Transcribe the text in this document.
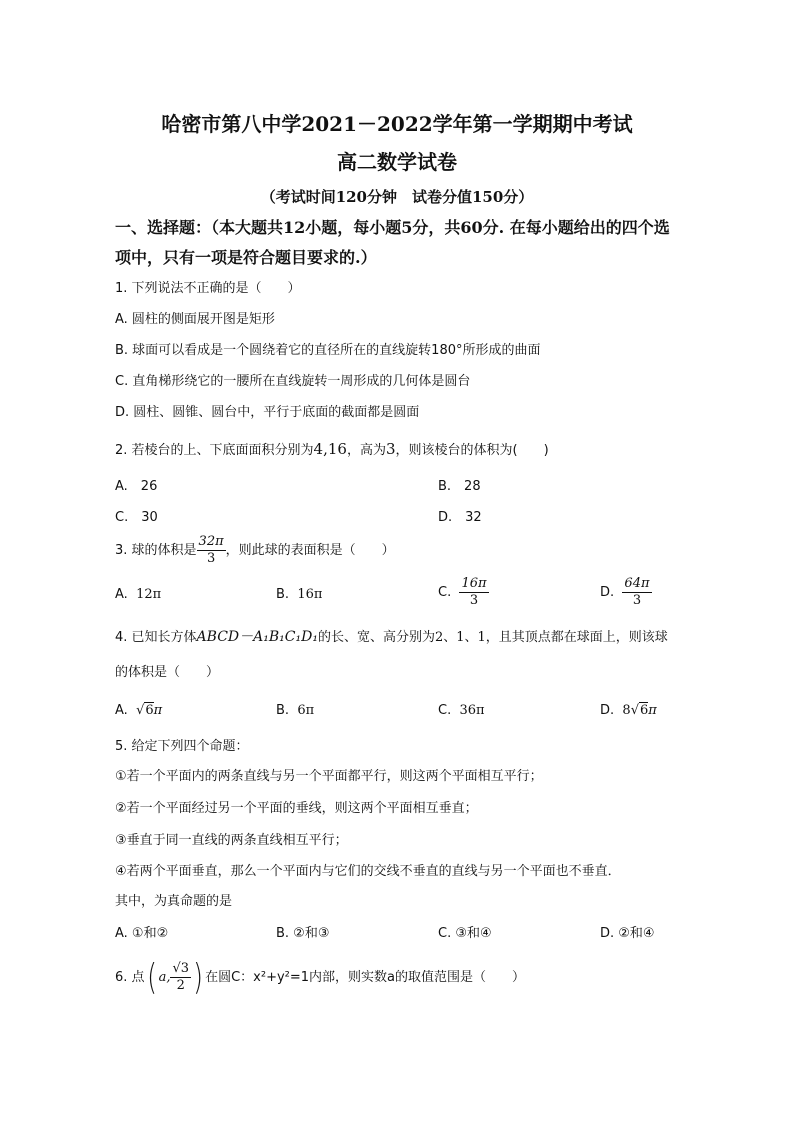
哈密市第八中学2021－2022学年第一学期期中考试
高二数学试卷
（考试时间120分钟　试卷分值150分）
一、选择题：（本大题共12小题，每小题5分，共60分. 在每小题给出的四个选
项中，只有一项是符合题目要求的.）
1. 下列说法不正确的是（　　）
A. 圆柱的侧面展开图是矩形
B. 球面可以看成是一个圆绕着它的直径所在的直线旋转180°所形成的曲面
C. 直角梯形绕它的一腰所在直线旋转一周形成的几何体是圆台
D. 圆柱、圆锥、圆台中，平行于底面的截面都是圆面
2. 若棱台的上、下底面面积分别为4,16，高为3，则该棱台的体积为(　　)
A.　26	B.　28
C.　30	D.　32
3. 球的体积是 $\frac{32\pi}{3}$ ，则此球的表面积是（　　）
A. 12π	B. 16π	C. $\frac{16\pi}{3}$	D. $\frac{64\pi}{3}$
4. 已知长方体ABCD－A₁B₁C₁D₁的长、宽、高分别为2、1、1，且其顶点都在球面上，则该球
的体积是（　　）
A. √6π	B. 6π	C. 36π	D. 8√6π
5. 给定下列四个命题：
①若一个平面内的两条直线与另一个平面都平行，则这两个平面相互平行；
②若一个平面经过另一个平面的垂线，则这两个平面相互垂直；
③垂直于同一直线的两条直线相互平行；
④若两个平面垂直，那么一个平面内与它们的交线不垂直的直线与另一个平面也不垂直．
其中，为真命题的是
A. ①和②	B. ②和③	C. ③和④	D. ②和④
6. 点( a, $\frac{√3}{2}$ ) 在圆C：x²+y²=1内部，则实数a的取值范围是（　　）
